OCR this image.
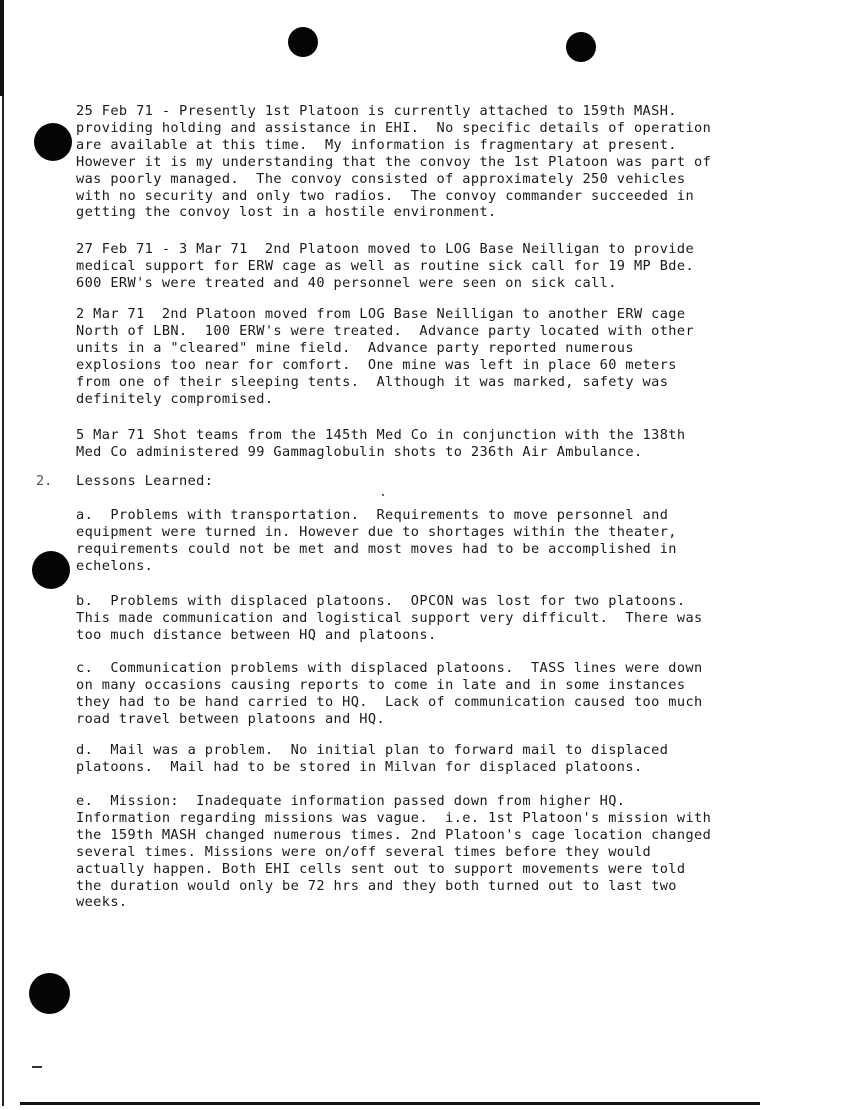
25 Feb 71 - Presently 1st Platoon is currently attached to 159th MASH.
providing holding and assistance in EHI.  No specific details of operation
are available at this time.  My information is fragmentary at present.
However it is my understanding that the convoy the 1st Platoon was part of
was poorly managed.  The convoy consisted of approximately 250 vehicles
with no security and only two radios.  The convoy commander succeeded in
getting the convoy lost in a hostile environment.

27 Feb 71 - 3 Mar 71  2nd Platoon moved to LOG Base Neilligan to provide
medical support for ERW cage as well as routine sick call for 19 MP Bde.
600 ERW's were treated and 40 personnel were seen on sick call.

2 Mar 71  2nd Platoon moved from LOG Base Neilligan to another ERW cage
North of LBN.  100 ERW's were treated.  Advance party located with other
units in a "cleared" mine field.  Advance party reported numerous
explosions too near for comfort.  One mine was left in place 60 meters
from one of their sleeping tents.  Although it was marked, safety was
definitely compromised.

5 Mar 71 Shot teams from the 145th Med Co in conjunction with the 138th
Med Co administered 99 Gammaglobulin shots to 236th Air Ambulance.

2. Lessons Learned:

a.  Problems with transportation.  Requirements to move personnel and
equipment were turned in. However due to shortages within the theater,
requirements could not be met and most moves had to be accomplished in
echelons.

b.  Problems with displaced platoons.  OPCON was lost for two platoons.
This made communication and logistical support very difficult.  There was
too much distance between HQ and platoons.

c.  Communication problems with displaced platoons.  TASS lines were down
on many occasions causing reports to come in late and in some instances
they had to be hand carried to HQ.  Lack of communication caused too much
road travel between platoons and HQ.

d.  Mail was a problem.  No initial plan to forward mail to displaced
platoons.  Mail had to be stored in Milvan for displaced platoons.

e.  Mission:  Inadequate information passed down from higher HQ.
Information regarding missions was vague.  i.e. 1st Platoon's mission with
the 159th MASH changed numerous times. 2nd Platoon's cage location changed
several times. Missions were on/off several times before they would
actually happen. Both EHI cells sent out to support movements were told
the duration would only be 72 hrs and they both turned out to last two
weeks.
